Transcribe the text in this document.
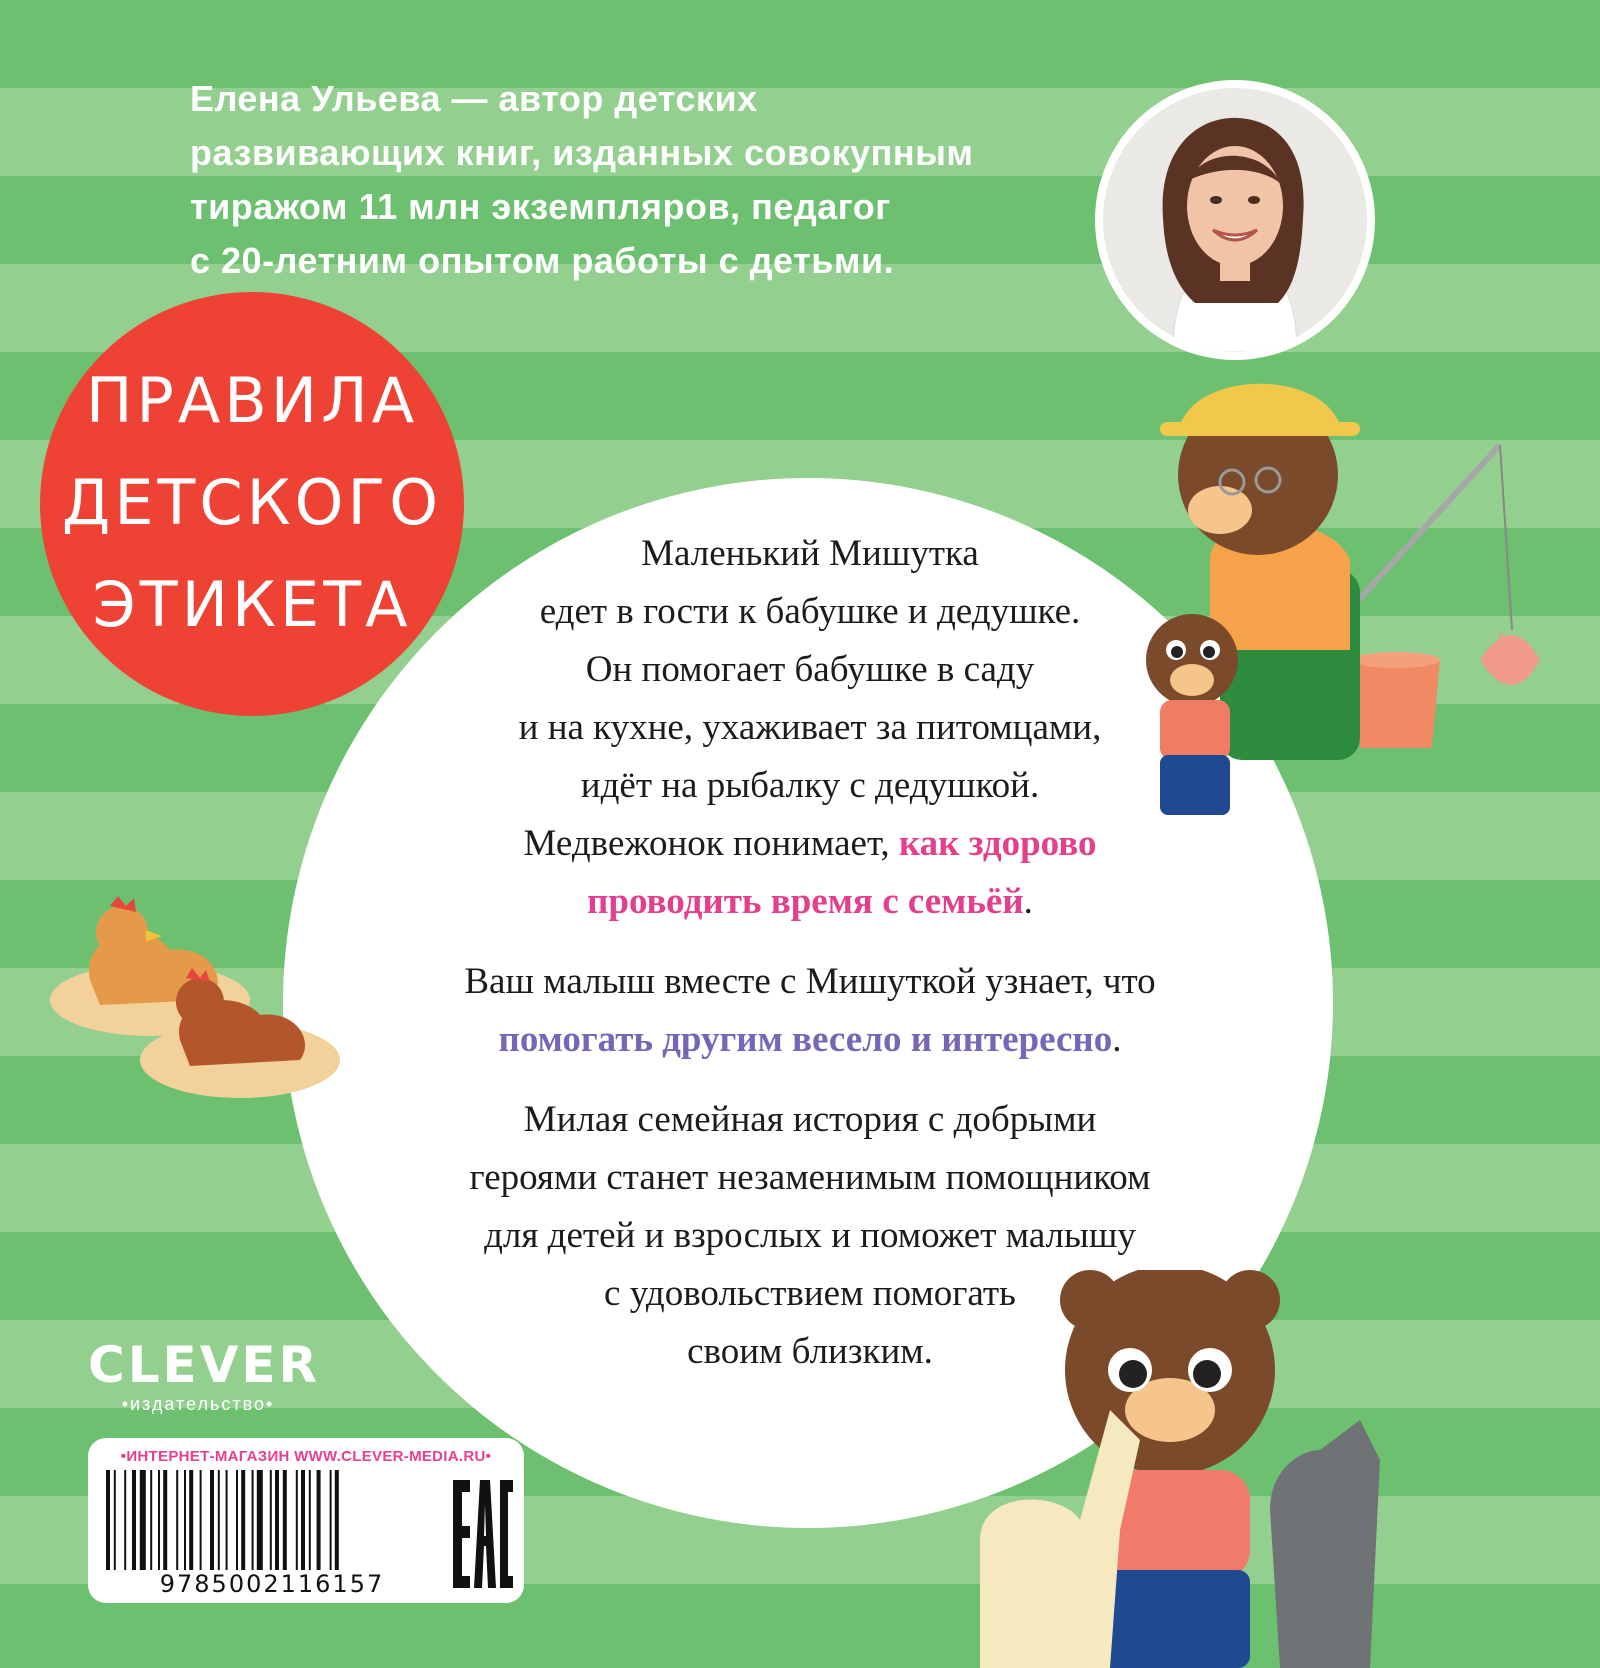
Елена Ульева — автор детских
развивающих книг, изданных совокупным
тиражом 11 млн экземпляров, педагог
с 20-летним опытом работы с детьми.
ПРАВИЛА
ДЕТСКОГО
ЭТИКЕТА
Маленький Мишутка
едет в гости к бабушке и дедушке.
Он помогает бабушке в саду
и на кухне, ухаживает за питомцами,
идёт на рыбалку с дедушкой.
Медвежонок понимает, как здорово
проводить время с семьёй.
Ваш малыш вместе с Мишуткой узнает, что
помогать другим весело и интересно.
Милая семейная история с добрыми
героями станет незаменимым помощником
для детей и взрослых и поможет малышу
с удовольствием помогать
своим близким.
CLEVER
•издательство•
•ИНТЕРНЕТ-МАГАЗИН WWW.CLEVER-MEDIA.RU•
9785002116157
